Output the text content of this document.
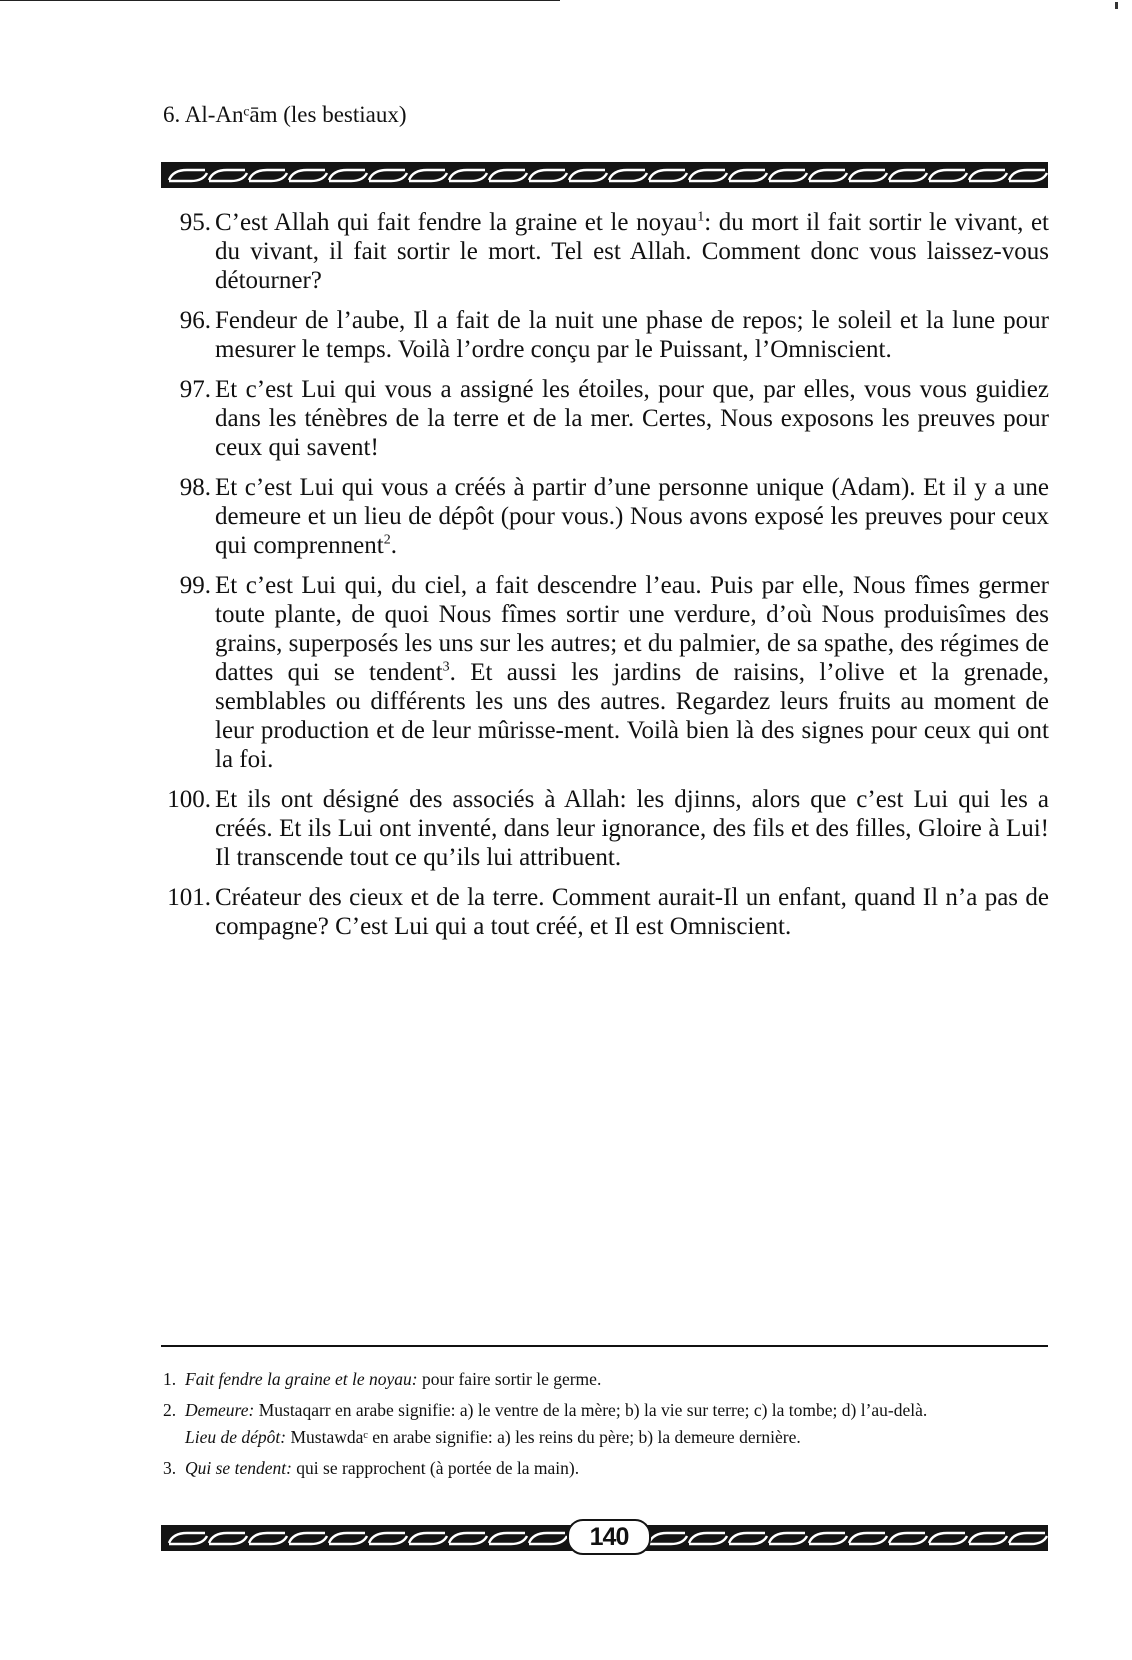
6. Al-Anᶜām (les bestiaux)
95. C’est Allah qui fait fendre la graine et le noyau$^1$: du mort il fait sortir le vivant, et du vivant, il fait sortir le mort. Tel est Allah. Comment donc vous laissez-vous détourner?
96. Fendeur de l’aube, Il a fait de la nuit une phase de repos; le soleil et la lune pour mesurer le temps. Voilà l’ordre conçu par le Puissant, l’Omniscient.
97. Et c’est Lui qui vous a assigné les étoiles, pour que, par elles, vous vous guidiez dans les ténèbres de la terre et de la mer. Certes, Nous exposons les preuves pour ceux qui savent!
98. Et c’est Lui qui vous a créés à partir d’une personne unique (Adam). Et il y a une demeure et un lieu de dépôt (pour vous.) Nous avons exposé les preuves pour ceux qui comprennent$^2$.
99. Et c’est Lui qui, du ciel, a fait descendre l’eau. Puis par elle, Nous fîmes germer toute plante, de quoi Nous fîmes sortir une verdure, d’où Nous produisîmes des grains, superposés les uns sur les autres; et du palmier, de sa spathe, des régimes de dattes qui se tendent$^3$. Et aussi les jardins de raisins, l’olive et la grenade, semblables ou différents les uns des autres. Regardez leurs fruits au moment de leur production et de leur mûrisse-ment. Voilà bien là des signes pour ceux qui ont la foi.
100. Et ils ont désigné des associés à Allah: les djinns, alors que c’est Lui qui les a créés. Et ils Lui ont inventé, dans leur ignorance, des fils et des filles, Gloire à Lui! Il transcende tout ce qu’ils lui attribuent.
101. Créateur des cieux et de la terre. Comment aurait-Il un enfant, quand Il n’a pas de compagne? C’est Lui qui a tout créé, et Il est Omniscient.
1. Fait fendre la graine et le noyau: pour faire sortir le germe.
2. Demeure: Mustaqarr en arabe signifie: a) le ventre de la mère; b) la vie sur terre; c) la tombe; d) l’au-delà.
Lieu de dépôt: Mustawdaᶜ en arabe signifie: a) les reins du père; b) la demeure dernière.
3. Qui se tendent: qui se rapprochent (à portée de la main).
140
